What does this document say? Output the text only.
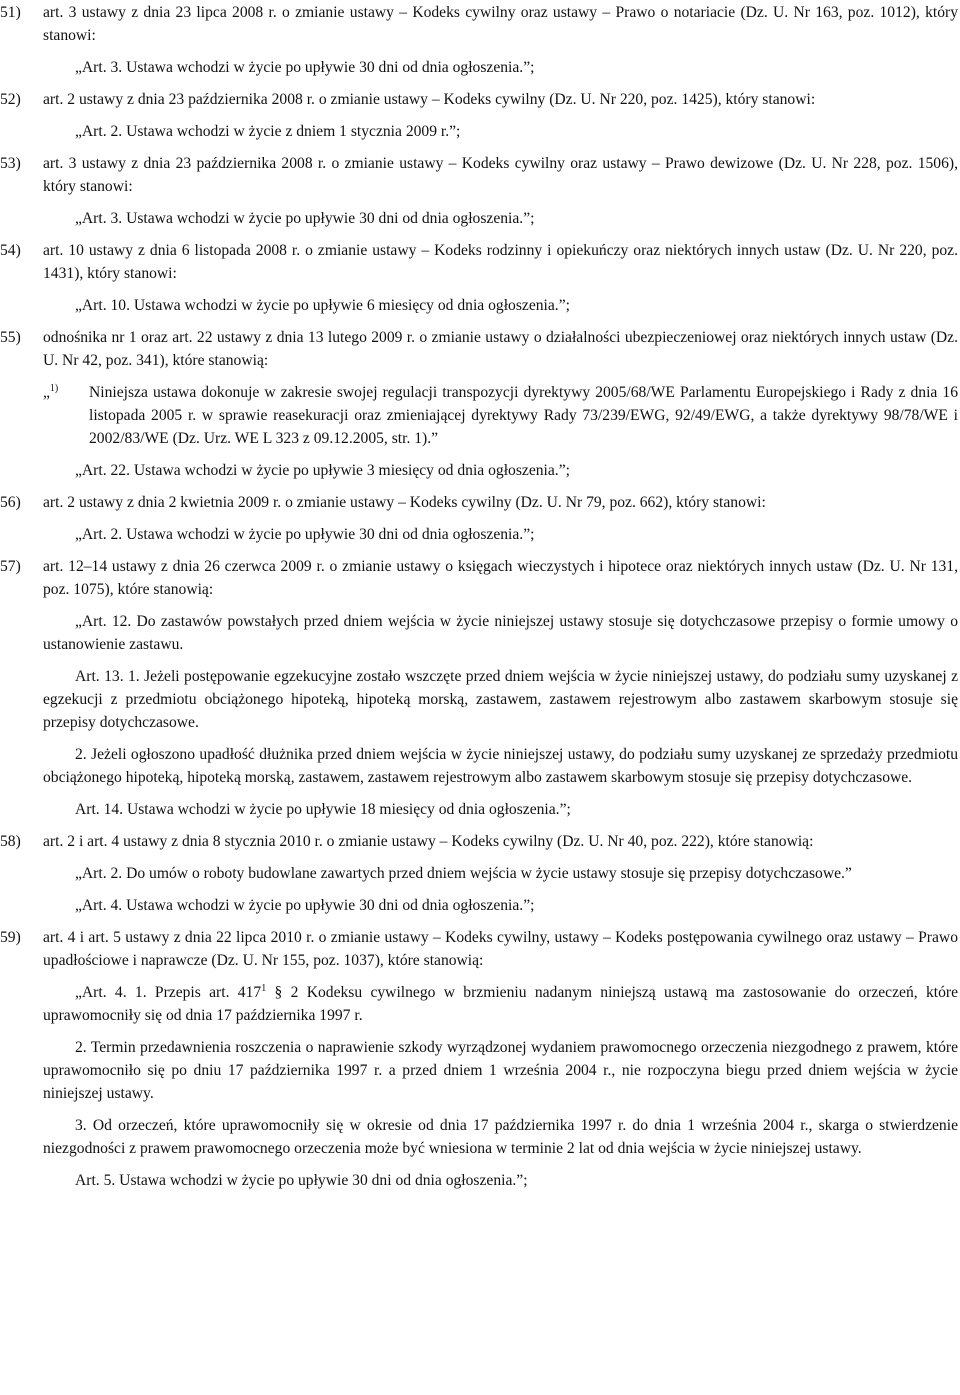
51) art. 3 ustawy z dnia 23 lipca 2008 r. o zmianie ustawy – Kodeks cywilny oraz ustawy – Prawo o notariacie (Dz. U. Nr 163, poz. 1012), który stanowi:
„Art. 3. Ustawa wchodzi w życie po upływie 30 dni od dnia ogłoszenia.”;
52) art. 2 ustawy z dnia 23 października 2008 r. o zmianie ustawy – Kodeks cywilny (Dz. U. Nr 220, poz. 1425), który stanowi:
„Art. 2. Ustawa wchodzi w życie z dniem 1 stycznia 2009 r.”;
53) art. 3 ustawy z dnia 23 października 2008 r. o zmianie ustawy – Kodeks cywilny oraz ustawy – Prawo dewizowe (Dz. U. Nr 228, poz. 1506), który stanowi:
„Art. 3. Ustawa wchodzi w życie po upływie 30 dni od dnia ogłoszenia.”;
54) art. 10 ustawy z dnia 6 listopada 2008 r. o zmianie ustawy – Kodeks rodzinny i opiekuńczy oraz niektórych innych ustaw (Dz. U. Nr 220, poz. 1431), który stanowi:
„Art. 10. Ustawa wchodzi w życie po upływie 6 miesięcy od dnia ogłoszenia.”;
55) odnośnika nr 1 oraz art. 22 ustawy z dnia 13 lutego 2009 r. o zmianie ustawy o działalności ubezpieczeniowej oraz niektórych innych ustaw (Dz. U. Nr 42, poz. 341), które stanowią:
„$^{1)}$	Niniejsza ustawa dokonuje w zakresie swojej regulacji transpozycji dyrektywy 2005/68/WE Parlamentu Europejskiego i Rady z dnia 16 listopada 2005 r. w sprawie reasekuracji oraz zmieniającej dyrektywy Rady 73/239/EWG, 92/49/EWG, a także dyrektywy 98/78/WE i 2002/83/WE (Dz. Urz. WE L 323 z 09.12.2005, str. 1).”
„Art. 22. Ustawa wchodzi w życie po upływie 3 miesięcy od dnia ogłoszenia.”;
56) art. 2 ustawy z dnia 2 kwietnia 2009 r. o zmianie ustawy – Kodeks cywilny (Dz. U. Nr 79, poz. 662), który stanowi:
„Art. 2. Ustawa wchodzi w życie po upływie 30 dni od dnia ogłoszenia.”;
57) art. 12–14 ustawy z dnia 26 czerwca 2009 r. o zmianie ustawy o księgach wieczystych i hipotece oraz niektórych innych ustaw (Dz. U. Nr 131, poz. 1075), które stanowią:
„Art. 12. Do zastawów powstałych przed dniem wejścia w życie niniejszej ustawy stosuje się dotychczasowe przepisy o formie umowy o ustanowienie zastawu.
Art. 13. 1. Jeżeli postępowanie egzekucyjne zostało wszczęte przed dniem wejścia w życie niniejszej ustawy, do podziału sumy uzyskanej z egzekucji z przedmiotu obciążonego hipoteką, hipoteką morską, zastawem, zastawem rejestrowym albo zastawem skarbowym stosuje się przepisy dotychczasowe.
2. Jeżeli ogłoszono upadłość dłużnika przed dniem wejścia w życie niniejszej ustawy, do podziału sumy uzyskanej ze sprzedaży przedmiotu obciążonego hipoteką, hipoteką morską, zastawem, zastawem rejestrowym albo zastawem skarbowym stosuje się przepisy dotychczasowe.
Art. 14. Ustawa wchodzi w życie po upływie 18 miesięcy od dnia ogłoszenia.”;
58) art. 2 i art. 4 ustawy z dnia 8 stycznia 2010 r. o zmianie ustawy – Kodeks cywilny (Dz. U. Nr 40, poz. 222), które stanowią:
„Art. 2. Do umów o roboty budowlane zawartych przed dniem wejścia w życie ustawy stosuje się przepisy dotychczasowe.”
„Art. 4. Ustawa wchodzi w życie po upływie 30 dni od dnia ogłoszenia.”;
59) art. 4 i art. 5 ustawy z dnia 22 lipca 2010 r. o zmianie ustawy – Kodeks cywilny, ustawy – Kodeks postępowania cywilnego oraz ustawy – Prawo upadłościowe i naprawcze (Dz. U. Nr 155, poz. 1037), które stanowią:
„Art. 4. 1. Przepis art. $417^1$ § 2 Kodeksu cywilnego w brzmieniu nadanym niniejszą ustawą ma zastosowanie do orzeczeń, które uprawomocniły się od dnia 17 października 1997 r.
2. Termin przedawnienia roszczenia o naprawienie szkody wyrządzonej wydaniem prawomocnego orzeczenia niezgodnego z prawem, które uprawomocniło się po dniu 17 października 1997 r. a przed dniem 1 września 2004 r., nie rozpoczyna biegu przed dniem wejścia w życie niniejszej ustawy.
3. Od orzeczeń, które uprawomocniły się w okresie od dnia 17 października 1997 r. do dnia 1 września 2004 r., skarga o stwierdzenie niezgodności z prawem prawomocnego orzeczenia może być wniesiona w terminie 2 lat od dnia wejścia w życie niniejszej ustawy.
Art. 5. Ustawa wchodzi w życie po upływie 30 dni od dnia ogłoszenia.”;
